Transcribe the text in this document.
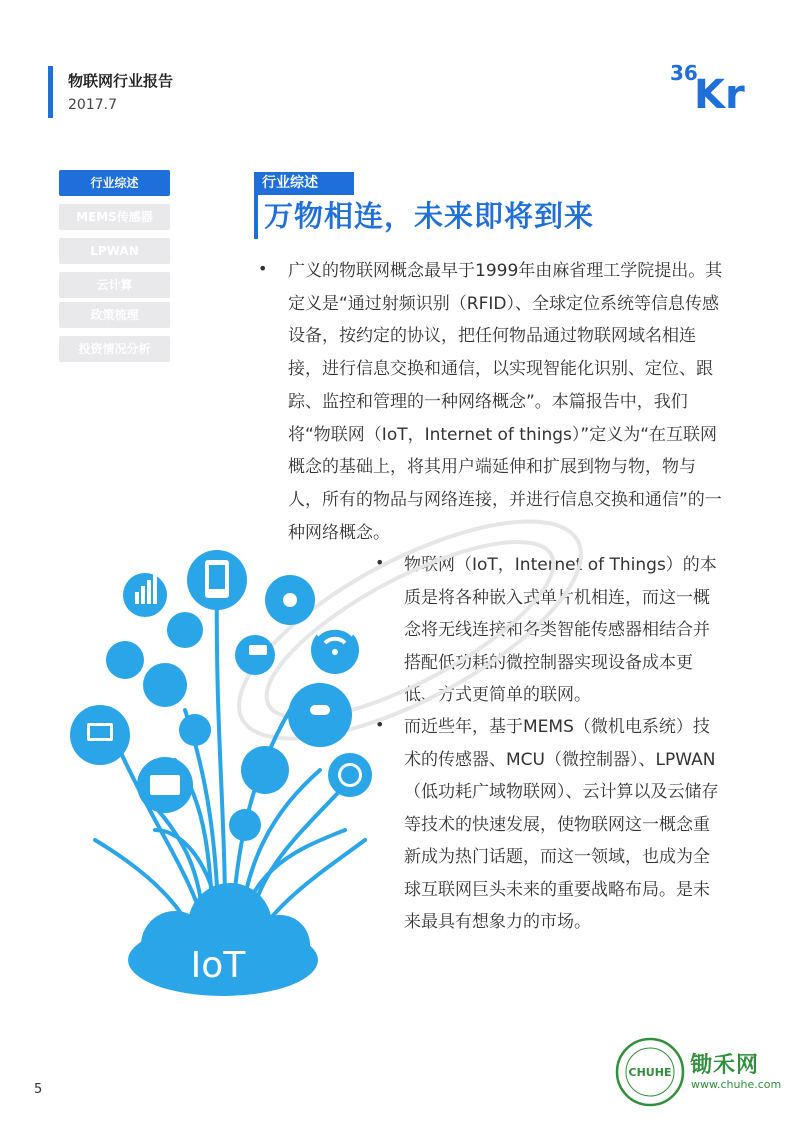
物联网行业报告
2017.7
36
Kr
行业综述
MEMS传感器
LPWAN
云计算
政策梳理
投资情况分析
行业综述
万物相连，未来即将到来
• 广义的物联网概念最早于1999年由麻省理工学院提出。其定义是“通过射频识别（RFID）、全球定位系统等信息传感设备，按约定的协议，把任何物品通过物联网域名相连接，进行信息交换和通信，以实现智能化识别、定位、跟踪、监控和管理的一种网络概念”。本篇报告中，我们将“物联网（IoT，Internet of things）”定义为“在互联网概念的基础上，将其用户端延伸和扩展到物与物，物与人，所有的物品与网络连接，并进行信息交换和通信”的一种网络概念。
• 物联网（IoT，Internet of Things）的本质是将各种嵌入式单片机相连，而这一概念将无线连接和各类智能传感器相结合并搭配低功耗的微控制器实现设备成本更低、方式更简单的联网。
• 而近些年，基于MEMS（微机电系统）技术的传感器、MCU（微控制器）、LPWAN（低功耗广域物联网）、云计算以及云储存等技术的快速发展，使物联网这一概念重新成为热门话题，而这一领域，也成为全球互联网巨头未来的重要战略布局。是未来最具有想象力的市场。
IoT
5
CHUHE 锄禾网
www.chuhe.com
